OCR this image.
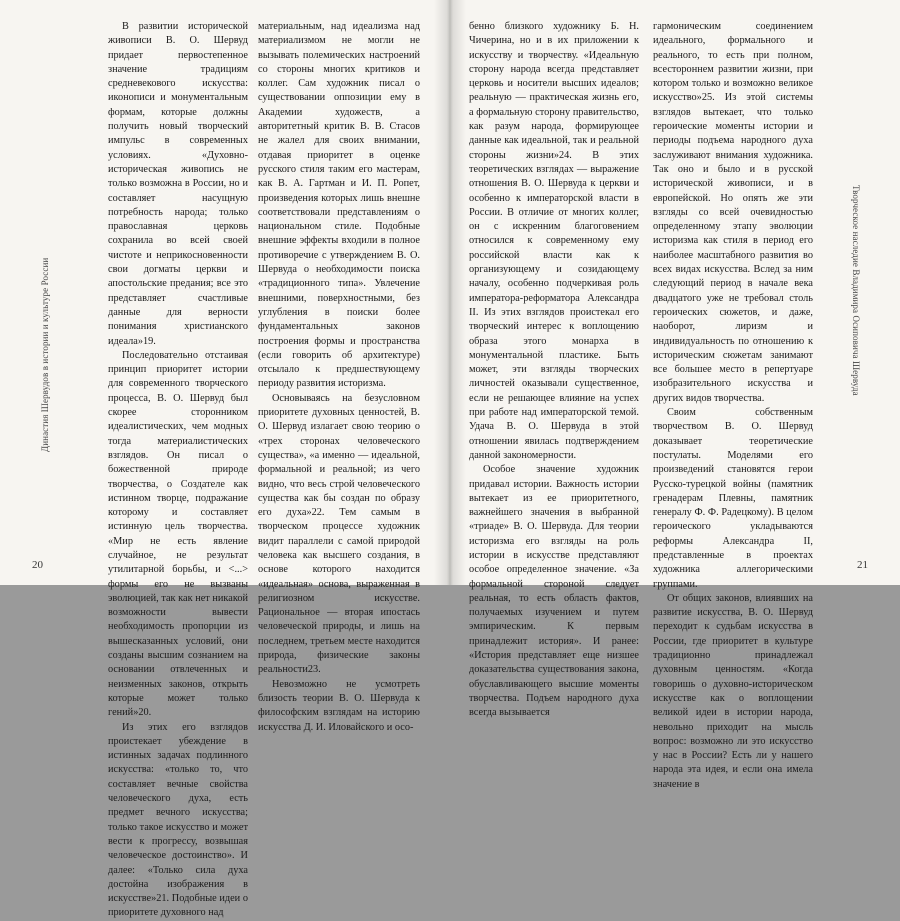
Династия Шервудов в истории и культуре России

В развитии исторической живописи В. О. Шервуд придает первостепенное значение традициям средневекового искусства: иконописи и монументальным формам, которые должны получить новый творческий импульс в современных условиях. «Духовно-историческая живопись не только возможна в России, но и составляет насущную потребность народа; только православная церковь сохранила во всей своей чистоте и неприкосновенности свои догматы церкви и апостольские предания; все это представляет счастливые данные для верности понимания христианского идеала»19.

Последовательно отстаивая принцип приоритет истории для современного творческого процесса, В. О. Шервуд был скорее сторонником идеалистических, чем модных тогда материалистических взглядов. Он писал о божественной природе творчества, о Создателе как истинном творце, подражание которому и составляет истинную цель творчества. «Мир не есть явление случайное, не результат утилитарной борьбы, и <...> формы его не вызваны эволюцией, так как нет никакой возможности вывести необходимость пропорции из вышесказанных условий, они созданы высшим сознанием на основании отвлеченных и неизменных законов, открыть которые может только гений»20.

Из этих его взглядов проистекает убеждение в истинных задачах подлинного искусства: «только то, что составляет вечные свойства человеческого духа, есть предмет вечного искусства; только такое искусство и может вести к прогрессу, возвышая человеческое достоинство». И далее: «Только сила духа достойна изображения в искусстве»21. Подобные идеи о приоритете духовного над

материальным, над идеализма над материализмом не могли не вызывать полемических настроений со стороны многих критиков и коллег. Сам художник писал о существовании оппозиции ему в Академии художеств, а авторитетный критик В. В. Стасов не жалел для своих внимании, отдавая приоритет в оценке русского стиля таким его мастерам, как В. А. Гартман и И. П. Ропет, произведения которых лишь внешне соответствовали представлениям о национальном стиле. Подобные внешние эффекты входили в полное противоречие с утверждением В. О. Шервуда о необходимости поиска «традиционного типа». Увлечение внешними, поверхностными, без углубления в поиски более фундаментальных законов построения формы и пространства (если говорить об архитектуре) отсылало к предшествующему периоду развития историзма.

Основываясь на безусловном приоритете духовных ценностей, В. О. Шервуд излагает свою теорию о «трех сторонах человеческого существа», «а именно — идеальной, формальной и реальной; из чего видно, что весь строй человеческого существа как бы создан по образу его духа»22. Тем самым в творческом процессе художник видит параллели с самой природой человека как высшего создания, в основе которого находится «идеальная» основа, выраженная в религиозном искусстве. Рациональное — вторая ипостась человеческой природы, и лишь на последнем, третьем месте находится природа, физические законы реальности23.

Невозможно не усмотреть близость теории В. О. Шервуда к философским взглядам на историю искусства Д. И. Иловайского и осо-

20
Творческое наследие Владимира Осиповича Шервуда

бенно близкого художнику Б. Н. Чичерина, но и в их приложении к искусству и творчеству. «Идеальную сторону народа всегда представляет церковь и носители высших идеалов; реальную — практическая жизнь его, а формальную сторону правительство, как разум народа, формирующее данные как идеальной, так и реальной стороны жизни»24. В этих теоретических взглядах — выражение отношения В. О. Шервуда к церкви и особенно к императорской власти в России. В отличие от многих коллег, он с искренним благоговением относился к современному ему российской власти как к организующему и созидающему началу, особенно подчеркивая роль императора-реформатора Александра II. Из этих взглядов проистекал его творческий интерес к воплощению образа этого монарха в монументальной пластике. Быть может, эти взгляды творческих личностей оказывали существенное, если не решающее влияние на успех при работе над императорской темой. Удача В. О. Шервуда в этой отношении явилась подтверждением данной закономерности.

Особое значение художник придавал истории. Важность истории вытекает из ее приоритетного, важнейшего значения в выбранной «триаде» В. О. Шервуда. Для теории историзма его взгляды на роль истории в искусстве представляют особое определенное значение. «За формальной стороной следует реальная, то есть область фактов, получаемых изучением и путем эмпирическим. К первым принадлежит история». И ранее: «История представляет еще низшее доказательства существования закона, обуславливающего высшие моменты творчества. Подъем народного духа всегда вызывается

гармоническим соединением идеального, формального и реального, то есть при полном, всестороннем развитии жизни, при котором только и возможно великое искусство»25. Из этой системы взглядов вытекает, что только героические моменты истории и периоды подъема народного духа заслуживают внимания художника. Так оно и было и в русской исторической живописи, и в европейской. Но опять же эти взгляды со всей очевидностью определенному этапу эволюции историзма как стиля в период его наиболее масштабного развития во всех видах искусства. Вслед за ним следующий период в начале века двадцатого уже не требовал столь героических сюжетов, и даже, наоборот, лиризм и индивидуальность по отношению к историческим сюжетам занимают все большее место в репертуаре изобразительного искусства и других видов творчества.

Своим собственным творчеством В. О. Шервуд доказывает теоретические постулаты. Моделями его произведений становятся герои Русско-турецкой войны (памятник гренадерам Плевны, памятник генералу Ф. Ф. Радецкому). В целом героического укладываются реформы Александра II, представленные в проектах художника аллегорическими группами.

От общих законов, влиявших на развитие искусства, В. О. Шервуд переходит к судьбам искусства в России, где приоритет в культуре традиционно принадлежал духовным ценностям. «Когда говоришь о духовно-историческом искусстве как о воплощении великой идеи в истории народа, невольно приходит на мысль вопрос: возможно ли это искусство у нас в России? Есть ли у нашего народа эта идея, и если она имела значение в

21
